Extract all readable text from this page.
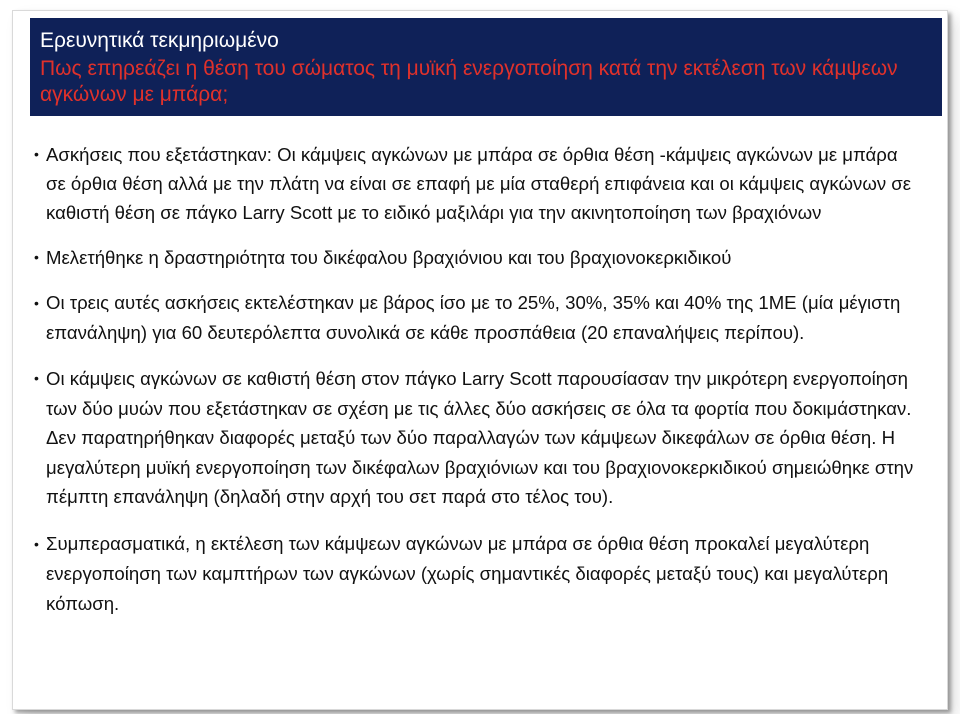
Ερευνητικά τεκμηριωμένο
Πως επηρεάζει η θέση του σώματος τη μυϊκή ενεργοποίηση κατά την εκτέλεση των κάμψεων αγκώνων με μπάρα;
• Ασκήσεις που εξετάστηκαν: Οι κάμψεις αγκώνων με μπάρα σε όρθια θέση -κάμψεις αγκώνων με μπάρα σε όρθια θέση αλλά με την πλάτη να είναι σε επαφή με μία σταθερή επιφάνεια και οι κάμψεις αγκώνων σε καθιστή θέση σε πάγκο Larry Scott με το ειδικό μαξιλάρι για την ακινητοποίηση των βραχιόνων
• Μελετήθηκε η δραστηριότητα του δικέφαλου βραχιόνιου και του βραχιονοκερκιδικού
• Οι τρεις αυτές ασκήσεις εκτελέστηκαν με βάρος ίσο με το 25%, 30%, 35% και 40% της 1ΜΕ (μία μέγιστη επανάληψη) για 60 δευτερόλεπτα συνολικά σε κάθε προσπάθεια (20 επαναλήψεις περίπου).
• Οι κάμψεις αγκώνων σε καθιστή θέση στον πάγκο Larry Scott παρουσίασαν την μικρότερη ενεργοποίηση των δύο μυών που εξετάστηκαν σε σχέση με τις άλλες δύο ασκήσεις σε όλα τα φορτία που δοκιμάστηκαν. Δεν παρατηρήθηκαν διαφορές μεταξύ των δύο παραλλαγών των κάμψεων δικεφάλων σε όρθια θέση. Η μεγαλύτερη μυϊκή ενεργοποίηση των δικέφαλων βραχιόνιων και του βραχιονοκερκιδικού σημειώθηκε στην πέμπτη επανάληψη (δηλαδή στην αρχή του σετ παρά στο τέλος του).
• Συμπερασματικά, η εκτέλεση των κάμψεων αγκώνων με μπάρα σε όρθια θέση προκαλεί μεγαλύτερη ενεργοποίηση των καμπτήρων των αγκώνων (χωρίς σημαντικές διαφορές μεταξύ τους) και μεγαλύτερη κόπωση.
